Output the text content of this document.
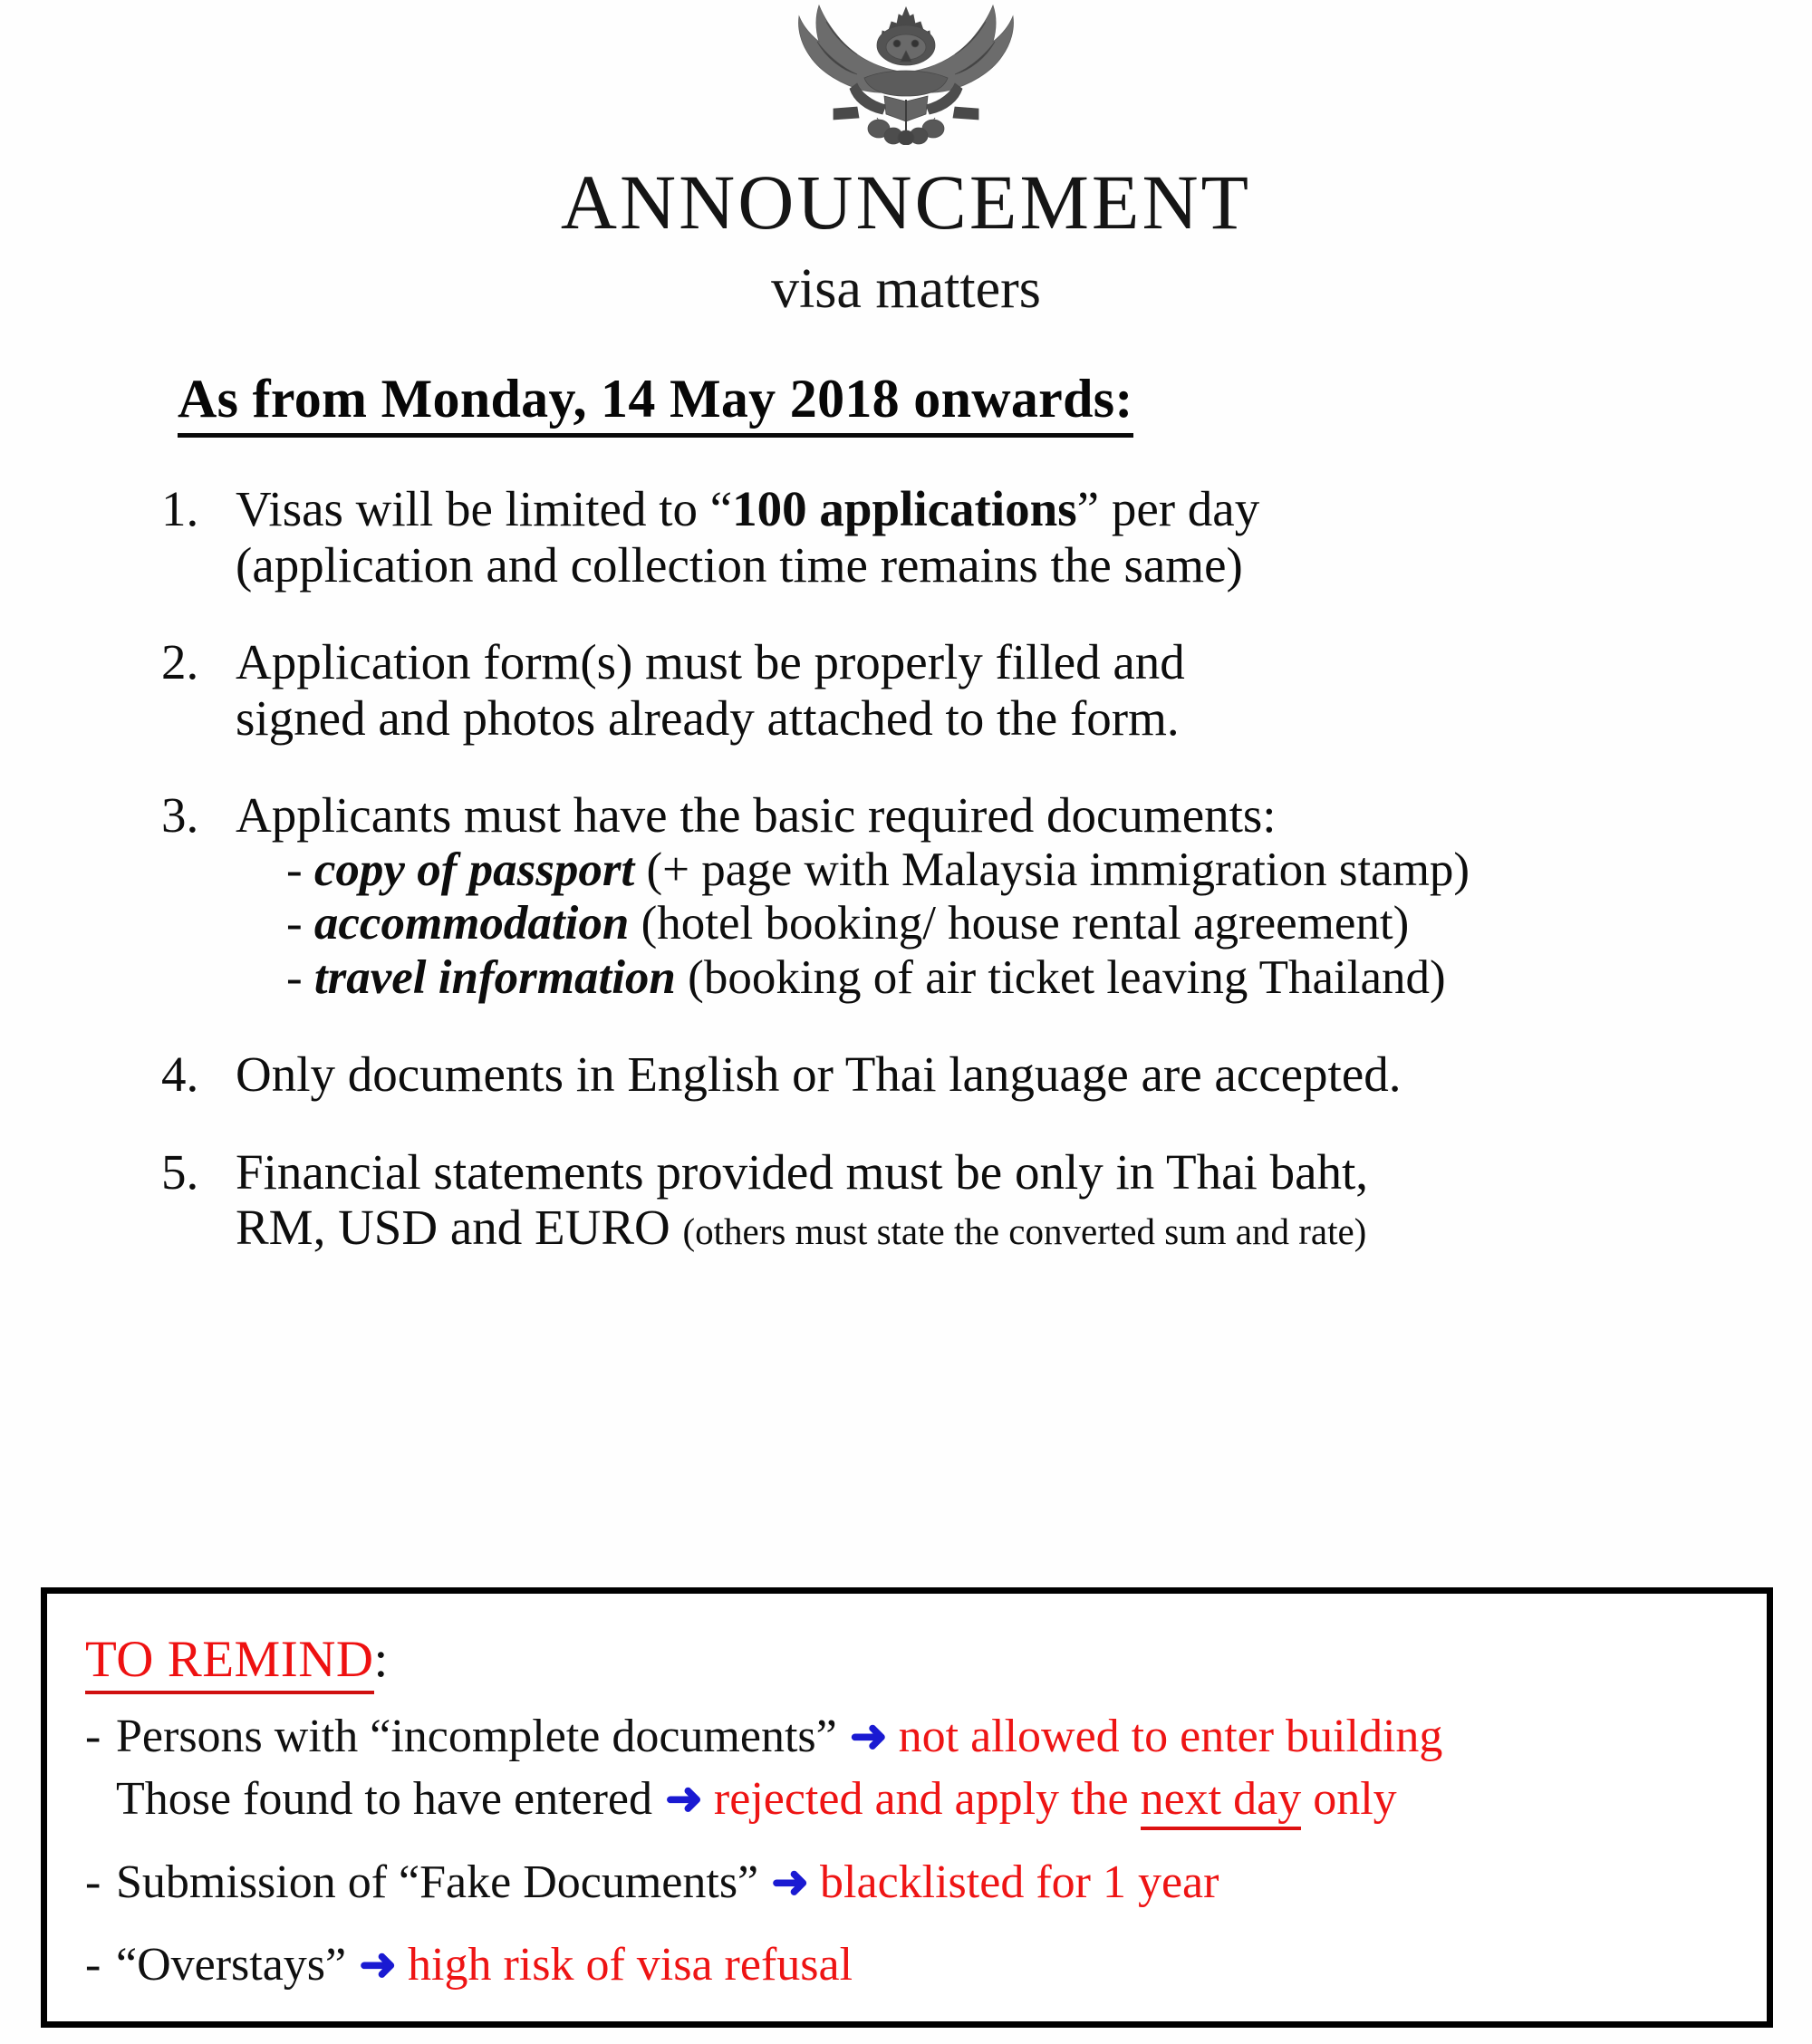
ANNOUNCEMENT
visa matters
As from Monday, 14 May 2018 onwards:
1. Visas will be limited to “100 applications” per day
(application and collection time remains the same)
2. Application form(s) must be properly filled and
signed and photos already attached to the form.
3. Applicants must have the basic required documents:
- copy of passport (+ page with Malaysia immigration stamp)
- accommodation (hotel booking/ house rental agreement)
- travel information (booking of air ticket leaving Thailand)
4. Only documents in English or Thai language are accepted.
5. Financial statements provided must be only in Thai baht,
RM, USD and EURO (others must state the converted sum and rate)
TO REMIND:
- Persons with “incomplete documents” ➜ not allowed to enter building
Those found to have entered ➜ rejected and apply the next day only
- Submission of “Fake Documents” ➜ blacklisted for 1 year
- “Overstays” ➜ high risk of visa refusal
